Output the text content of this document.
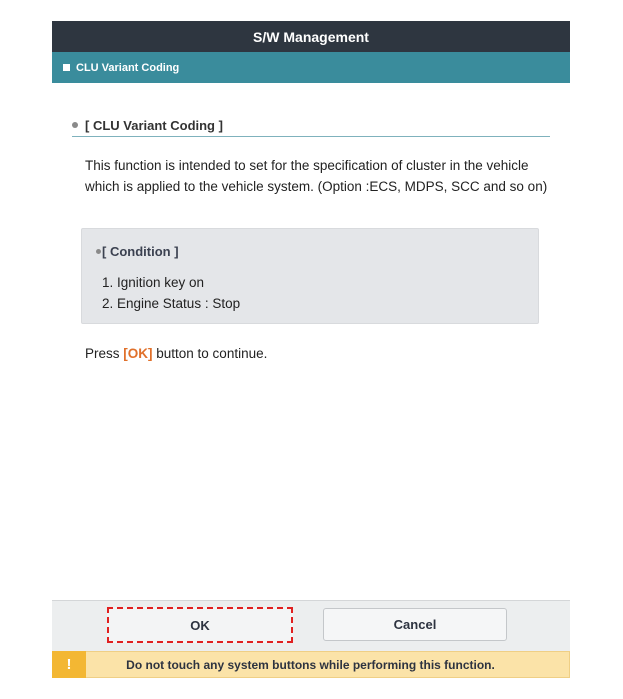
S/W Management
CLU Variant Coding
[ CLU Variant Coding ]
This function is intended to set for the specification of cluster in the vehicle
which is applied to the vehicle system. (Option :ECS, MDPS, SCC and so on)
[ Condition ]
1. Ignition key on
2. Engine Status : Stop
Press [OK] button to continue.
OK	Cancel
!	Do not touch any system buttons while performing this function.
